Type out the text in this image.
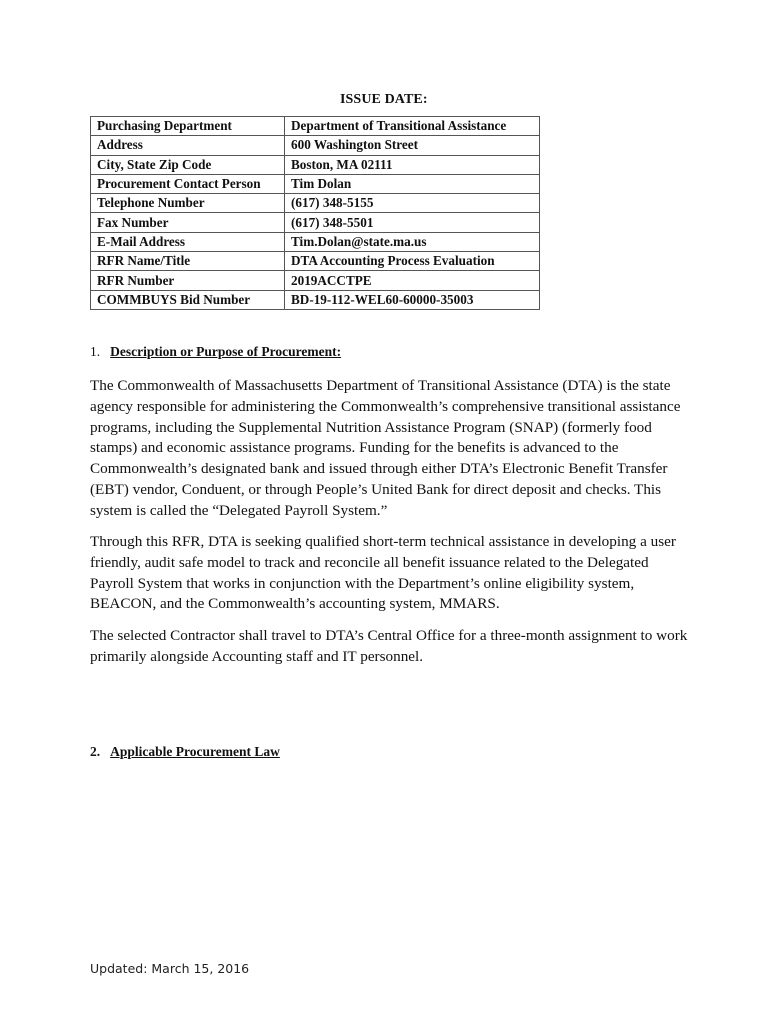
ISSUE DATE:
Purchasing Department	Department of Transitional Assistance
Address	600 Washington Street
City, State Zip Code	Boston, MA 02111
Procurement Contact Person	Tim Dolan
Telephone Number	(617) 348-5155
Fax Number	(617) 348-5501
E-Mail Address	Tim.Dolan@state.ma.us
RFR Name/Title	DTA Accounting Process Evaluation
RFR Number	2019ACCTPE
COMMBUYS Bid Number	BD-19-112-WEL60-60000-35003
1. Description or Purpose of Procurement:

The Commonwealth of Massachusetts Department of Transitional Assistance (DTA) is the state agency responsible for administering the Commonwealth’s comprehensive transitional assistance programs, including the Supplemental Nutrition Assistance Program (SNAP) (formerly food stamps) and economic assistance programs. Funding for the benefits is advanced to the Commonwealth’s designated bank and issued through either DTA’s Electronic Benefit Transfer (EBT) vendor, Conduent, or through People’s United Bank for direct deposit and checks. This system is called the “Delegated Payroll System.”

Through this RFR, DTA is seeking qualified short-term technical assistance in developing a user friendly, audit safe model to track and reconcile all benefit issuance related to the Delegated Payroll System that works in conjunction with the Department’s online eligibility system, BEACON, and the Commonwealth’s accounting system, MMARS.

The selected Contractor shall travel to DTA’s Central Office for a three-month assignment to work primarily alongside Accounting staff and IT personnel.

2. Applicable Procurement Law
Updated: March 15, 2016
